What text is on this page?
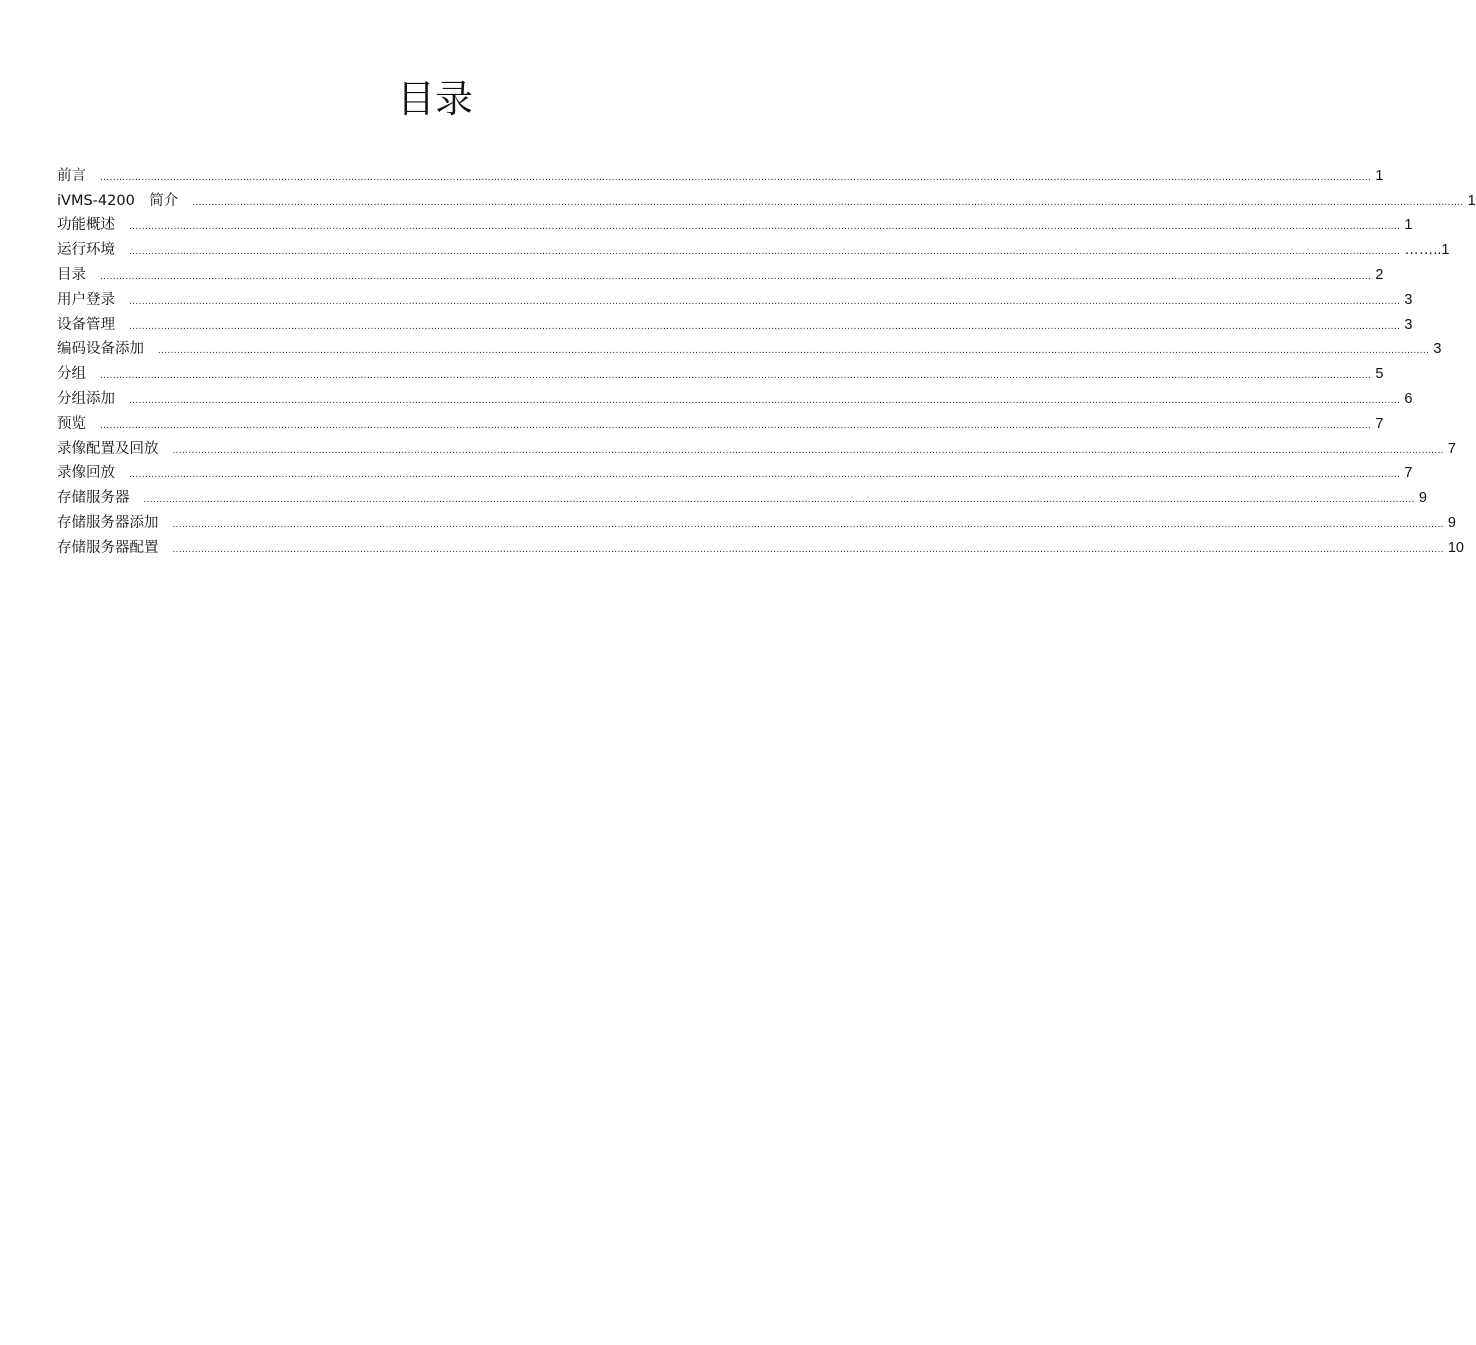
目录
前言 ................................................................................................................................................................................................................................................................................................................................................................................................................ 1
iVMS-4200　简介 ................................................................................................................................................................................................................................................................................................................................................................................................................ 1
功能概述 ................................................................................................................................................................................................................................................................................................................................................................................................................ 1
运行环境 ................................................................................................................................................................................................................................................................................................................................................................................................................ ……..1
目录 ................................................................................................................................................................................................................................................................................................................................................................................................................ 2
用户登录 ................................................................................................................................................................................................................................................................................................................................................................................................................ 3
设备管理 ................................................................................................................................................................................................................................................................................................................................................................................................................ 3
编码设备添加 ................................................................................................................................................................................................................................................................................................................................................................................................................ 3
分组 ................................................................................................................................................................................................................................................................................................................................................................................................................ 5
分组添加 ................................................................................................................................................................................................................................................................................................................................................................................................................ 6
预览 ................................................................................................................................................................................................................................................................................................................................................................................................................ 7
录像配置及回放 ................................................................................................................................................................................................................................................................................................................................................................................................................ 7
录像回放 ................................................................................................................................................................................................................................................................................................................................................................................................................ 7
存储服务器 ................................................................................................................................................................................................................................................................................................................................................................................................................ 9
存储服务器添加 ................................................................................................................................................................................................................................................................................................................................................................................................................ 9
存储服务器配置 ................................................................................................................................................................................................................................................................................................................................................................................................................ 10
